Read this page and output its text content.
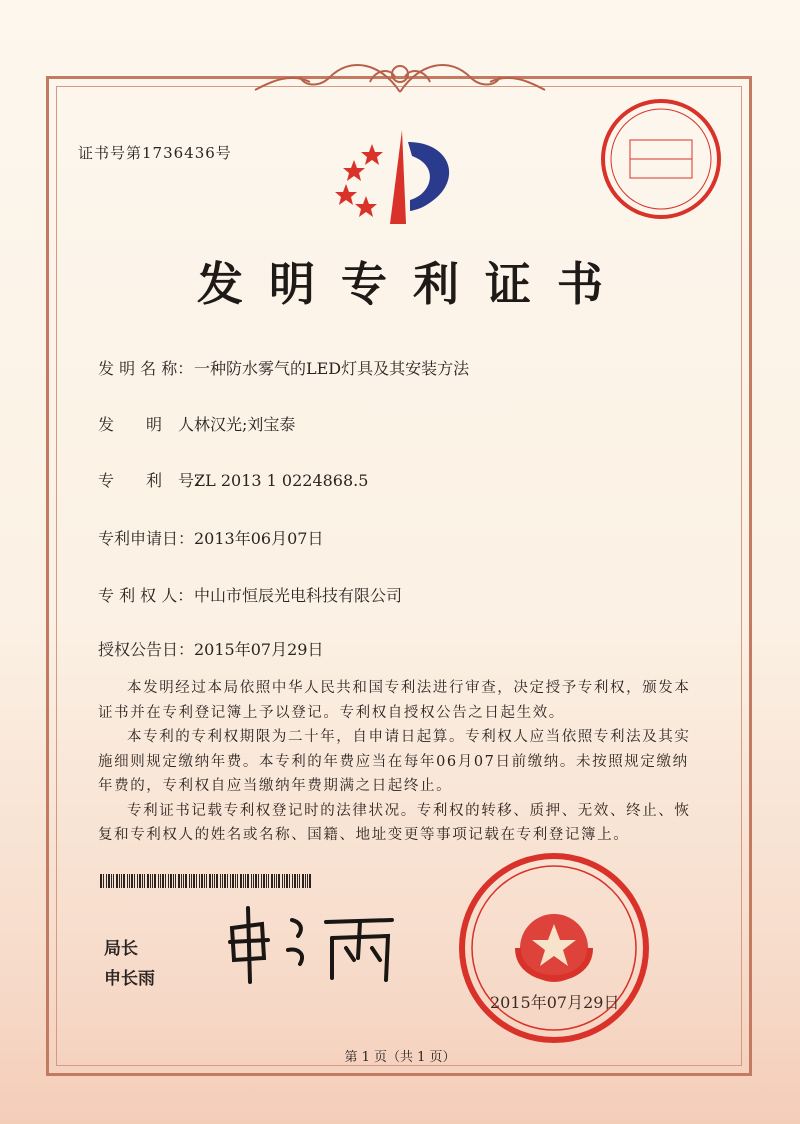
证书号第1736436号
发明专利证书
发 明 名 称：一种防水雾气的LED灯具及其安装方法
发　　明　人：林汉光;刘宝泰
专　　利　号：ZL 2013 1 0224868.5
专利申请日：2013年06月07日
专 利 权 人：中山市恒辰光电科技有限公司
授权公告日：2015年07月29日

本发明经过本局依照中华人民共和国专利法进行审查，决定授予专利权，颁发本证书并在专利登记簿上予以登记。专利权自授权公告之日起生效。

本专利的专利权期限为二十年，自申请日起算。专利权人应当依照专利法及其实施细则规定缴纳年费。本专利的年费应当在每年06月07日前缴纳。未按照规定缴纳年费的，专利权自应当缴纳年费期满之日起终止。

专利证书记载专利权登记时的法律状况。专利权的转移、质押、无效、终止、恢复和专利权人的姓名或名称、国籍、地址变更等事项记载在专利登记簿上。

局长
申长雨
2015年07月29日
第 1 页（共 1 页）
